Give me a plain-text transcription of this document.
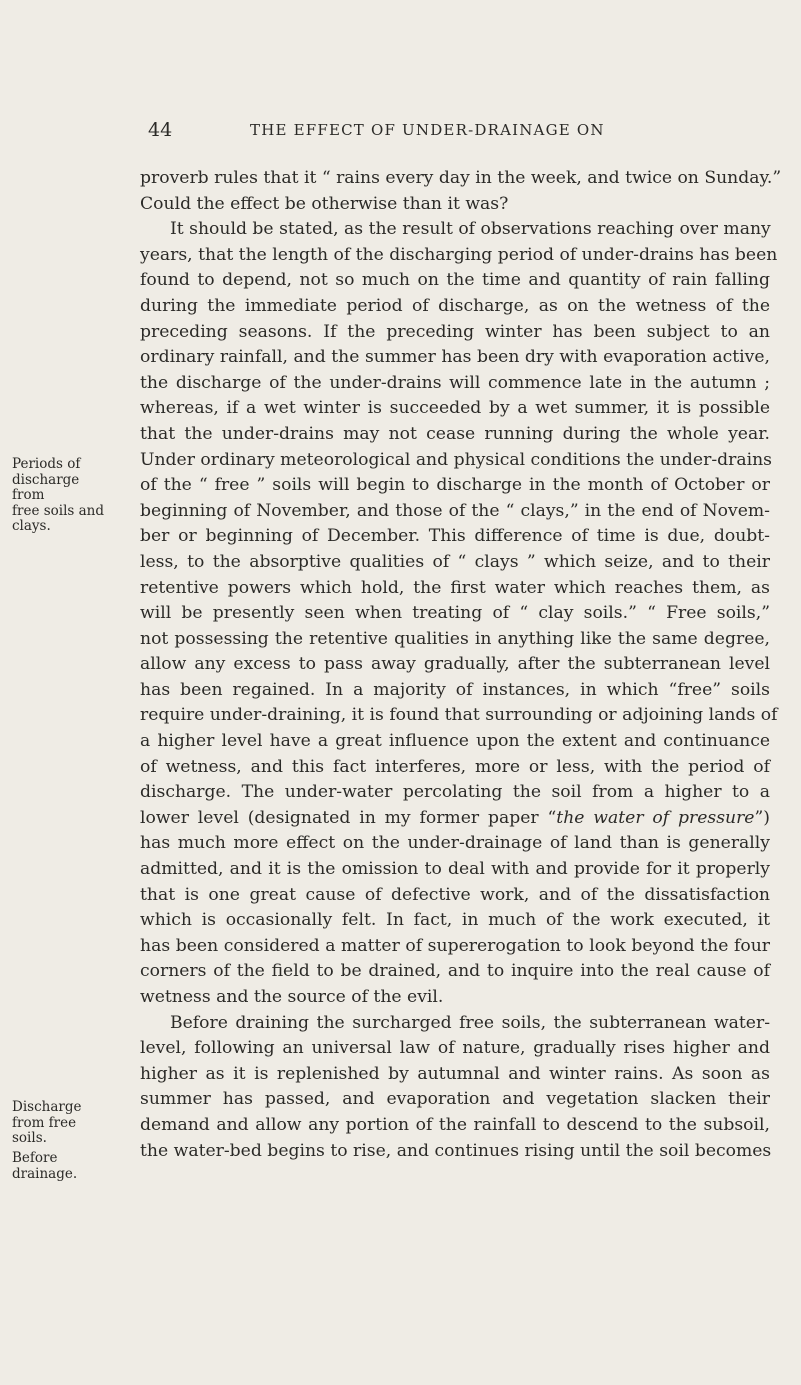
44	THE EFFECT OF UNDER-DRAINAGE ON
Periods of
discharge from
free soils and
clays.
Discharge
from free soils.
Before
drainage.
proverb rules that it “ rains every day in the week, and twice on Sunday.”
Could the effect be otherwise than it was?
It should be stated, as the result of observations reaching over many
years, that the length of the discharging period of under-drains has been
found to depend, not so much on the time and quantity of rain falling
during the immediate period of discharge, as on the wetness of the
preceding seasons. If the preceding winter has been subject to an
ordinary rainfall, and the summer has been dry with evaporation active,
the discharge of the under-drains will commence late in the autumn ;
whereas, if a wet winter is succeeded by a wet summer, it is possible
that the under-drains may not cease running during the whole year.
Under ordinary meteorological and physical conditions the under-drains
of the “ free ” soils will begin to discharge in the month of October or
beginning of November, and those of the “ clays,” in the end of Novem-
ber or beginning of December. This difference of time is due, doubt-
less, to the absorptive qualities of “ clays ” which seize, and to their
retentive powers which hold, the first water which reaches them, as
will be presently seen when treating of “ clay soils.” “ Free soils,”
not possessing the retentive qualities in anything like the same degree,
allow any excess to pass away gradually, after the subterranean level
has been regained. In a majority of instances, in which “free” soils
require under-draining, it is found that surrounding or adjoining lands of
a higher level have a great influence upon the extent and continuance
of wetness, and this fact interferes, more or less, with the period of
discharge. The under-water percolating the soil from a higher to a
lower level (designated in my former paper “the water of pressure”)
has much more effect on the under-drainage of land than is generally
admitted, and it is the omission to deal with and provide for it properly
that is one great cause of defective work, and of the dissatisfaction
which is occasionally felt. In fact, in much of the work executed, it
has been considered a matter of supererogation to look beyond the four
corners of the field to be drained, and to inquire into the real cause of
wetness and the source of the evil.
Before draining the surcharged free soils, the subterranean water-
level, following an universal law of nature, gradually rises higher and
higher as it is replenished by autumnal and winter rains. As soon as
summer has passed, and evaporation and vegetation slacken their
demand and allow any portion of the rainfall to descend to the subsoil,
the water-bed begins to rise, and continues rising until the soil becomes
